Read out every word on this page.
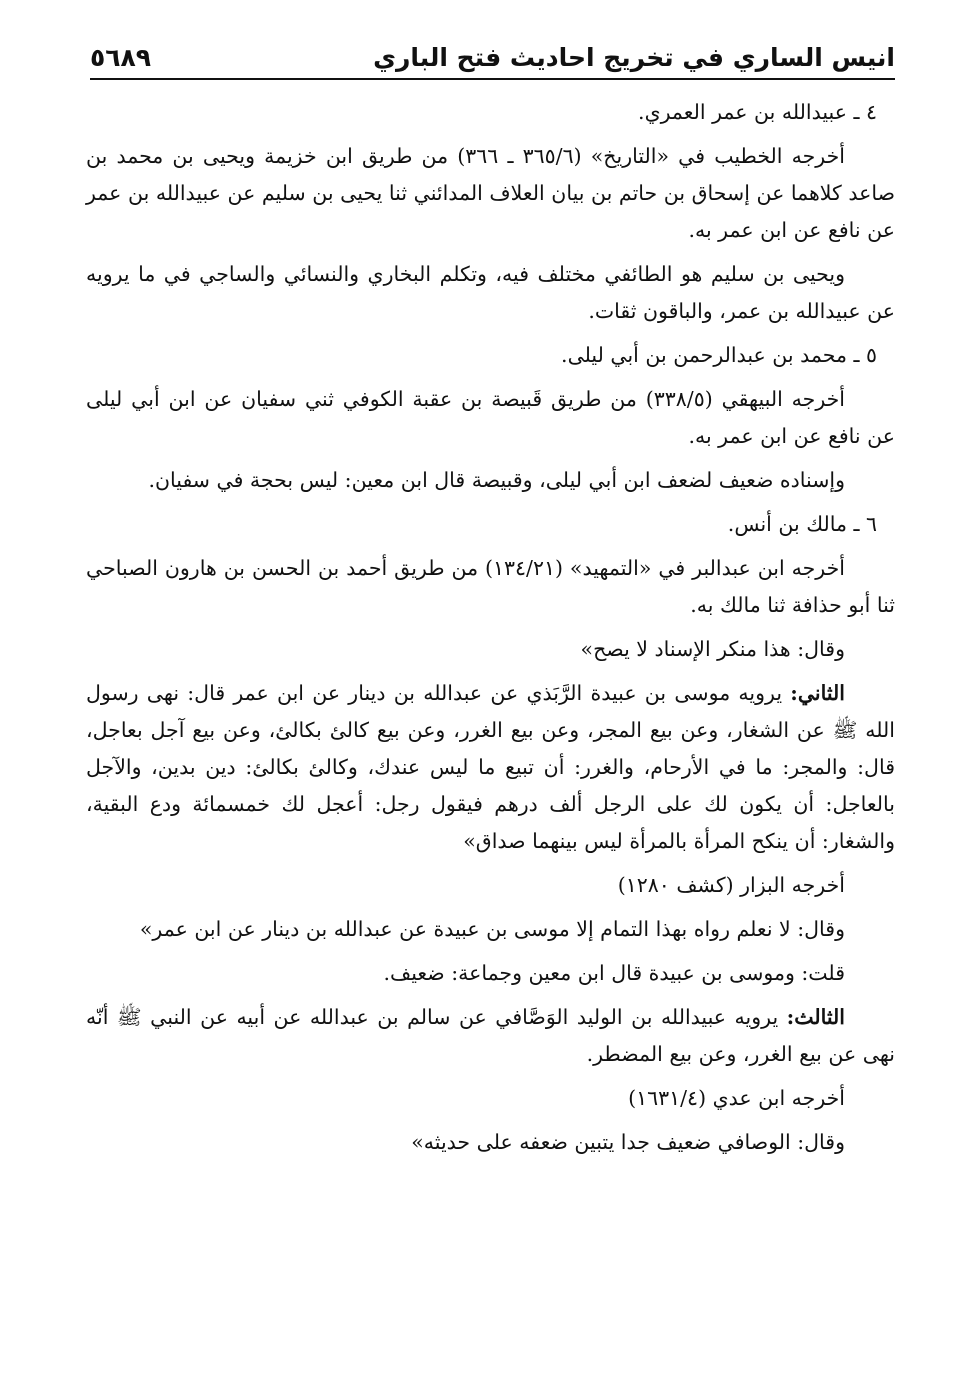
٥٦٨٩	انيس الساري في تخريج احاديث فتح الباري

٤ ـ عبيدالله بن عمر العمري.

أخرجه الخطيب في «التاريخ» (٣٦٥/٦ ـ ٣٦٦) من طريق ابن خزيمة ويحيى بن محمد بن صاعد كلاهما عن إسحاق بن حاتم بن بيان العلاف المدائني ثنا يحيى بن سليم عن عبيدالله بن عمر عن نافع عن ابن عمر به.

ويحيى بن سليم هو الطائفي مختلف فيه، وتكلم البخاري والنسائي والساجي في ما يرويه عن عبيدالله بن عمر، والباقون ثقات.

٥ ـ محمد بن عبدالرحمن بن أبي ليلى.

أخرجه البيهقي (٣٣٨/٥) من طريق قَبيصة بن عقبة الكوفي ثني سفيان عن ابن أبي ليلى عن نافع عن ابن عمر به.

وإسناده ضعيف لضعف ابن أبي ليلى، وقبيصة قال ابن معين: ليس بحجة في سفيان.

٦ ـ مالك بن أنس.

أخرجه ابن عبدالبر في «التمهيد» (١٣٤/٢١) من طريق أحمد بن الحسن بن هارون الصباحي ثنا أبو حذافة ثنا مالك به.

وقال: هذا منكر الإسناد لا يصح»

الثاني: يرويه موسى بن عبيدة الرَّبَذي عن عبدالله بن دينار عن ابن عمر قال: نهى رسول الله ﷺ عن الشغار، وعن بيع المجر، وعن بيع الغرر، وعن بيع كالئ بكالئ، وعن بيع آجل بعاجل، قال: والمجر: ما في الأرحام، والغرر: أن تبيع ما ليس عندك، وكالئ بكالئ: دين بدين، والآجل بالعاجل: أن يكون لك على الرجل ألف درهم فيقول رجل: أعجل لك خمسمائة ودع البقية، والشغار: أن ينكح المرأة بالمرأة ليس بينهما صداق»

أخرجه البزار (كشف ١٢٨٠)

وقال: لا نعلم رواه بهذا التمام إلا موسى بن عبيدة عن عبدالله بن دينار عن ابن عمر»

قلت: وموسى بن عبيدة قال ابن معين وجماعة: ضعيف.

الثالث: يرويه عبيدالله بن الوليد الوَصَّافي عن سالم بن عبدالله عن أبيه عن النبي ﷺ أنّه نهى عن بيع الغرر، وعن بيع المضطر.

أخرجه ابن عدي (١٦٣١/٤)

وقال: الوصافي ضعيف جدا يتبين ضعفه على حديثه»
